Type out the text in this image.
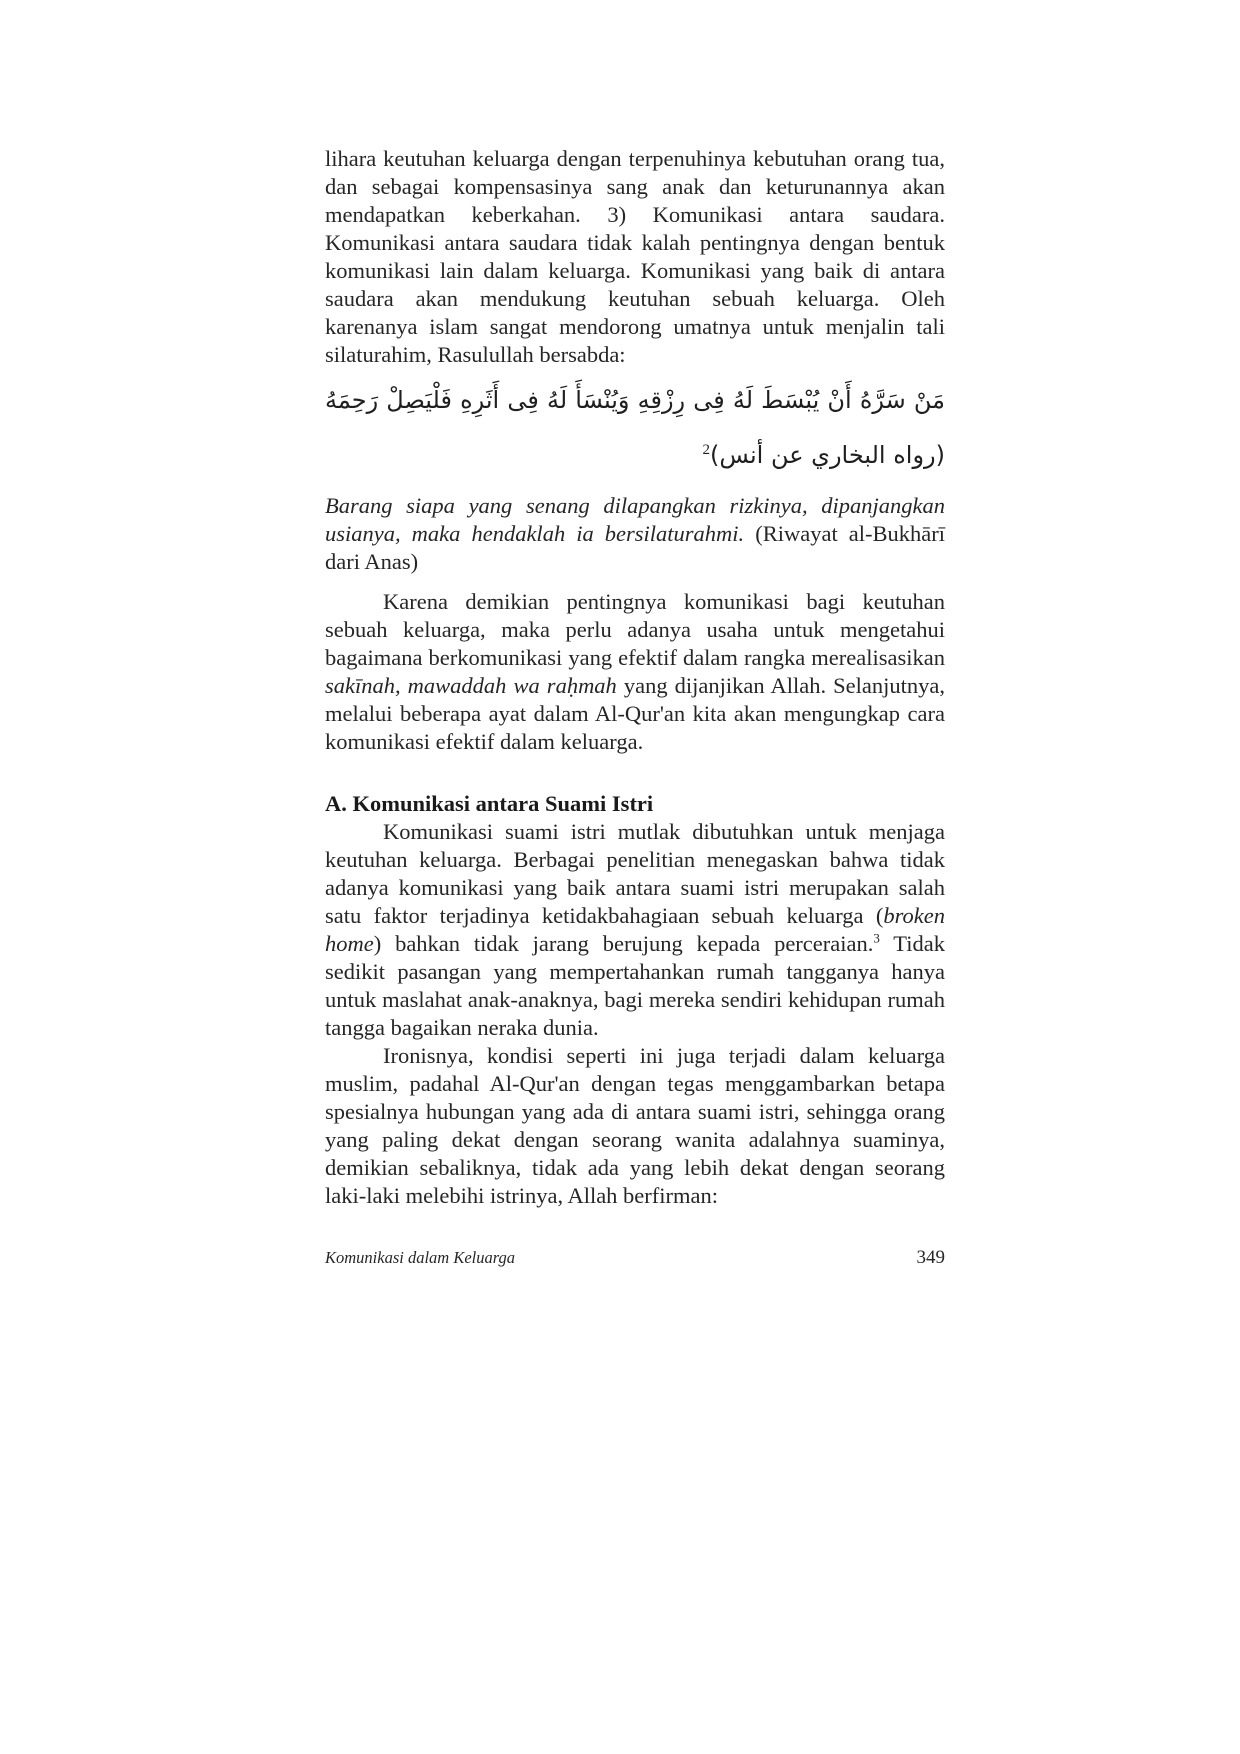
lihara keutuhan keluarga dengan terpenuhinya kebutuhan orang tua, dan sebagai kompensasinya sang anak dan keturunannya akan mendapatkan keberkahan. 3) Komunikasi antara saudara. Komunikasi antara saudara tidak kalah pentingnya dengan bentuk komunikasi lain dalam keluarga. Komunikasi yang baik di antara saudara akan mendukung keutuhan sebuah keluarga. Oleh karenanya islam sangat mendorong umatnya untuk menjalin tali silaturahim, Rasulullah bersabda:

مَنْ سَرَّهُ أَنْ يُبْسَطَ لَهُ فِى رِزْقِهِ وَيُنْسَأَ لَهُ فِى أَثَرِهِ فَلْيَصِلْ رَحِمَهُ (رواه البخاري عن أنس)$^2$

Barang siapa yang senang dilapangkan rizkinya, dipanjangkan usianya, maka hendaklah ia bersilaturahmi. (Riwayat al-Bukhārī dari Anas)

Karena demikian pentingnya komunikasi bagi keutuhan sebuah keluarga, maka perlu adanya usaha untuk mengetahui bagaimana berkomunikasi yang efektif dalam rangka merealisasikan sakīnah, mawaddah wa raḥmah yang dijanjikan Allah. Selanjutnya, melalui beberapa ayat dalam Al-Qur'an kita akan mengungkap cara komunikasi efektif dalam keluarga.

A. Komunikasi antara Suami Istri

Komunikasi suami istri mutlak dibutuhkan untuk menjaga keutuhan keluarga. Berbagai penelitian menegaskan bahwa tidak adanya komunikasi yang baik antara suami istri merupakan salah satu faktor terjadinya ketidakbahagiaan sebuah keluarga (broken home) bahkan tidak jarang berujung kepada perceraian.$^3$ Tidak sedikit pasangan yang mempertahankan rumah tangganya hanya untuk maslahat anak-anaknya, bagi mereka sendiri kehidupan rumah tangga bagaikan neraka dunia.

Ironisnya, kondisi seperti ini juga terjadi dalam keluarga muslim, padahal Al-Qur'an dengan tegas menggambarkan betapa spesialnya hubungan yang ada di antara suami istri, sehingga orang yang paling dekat dengan seorang wanita adalahnya suaminya, demikian sebaliknya, tidak ada yang lebih dekat dengan seorang laki-laki melebihi istrinya, Allah berfirman:

Komunikasi dalam Keluarga	349
